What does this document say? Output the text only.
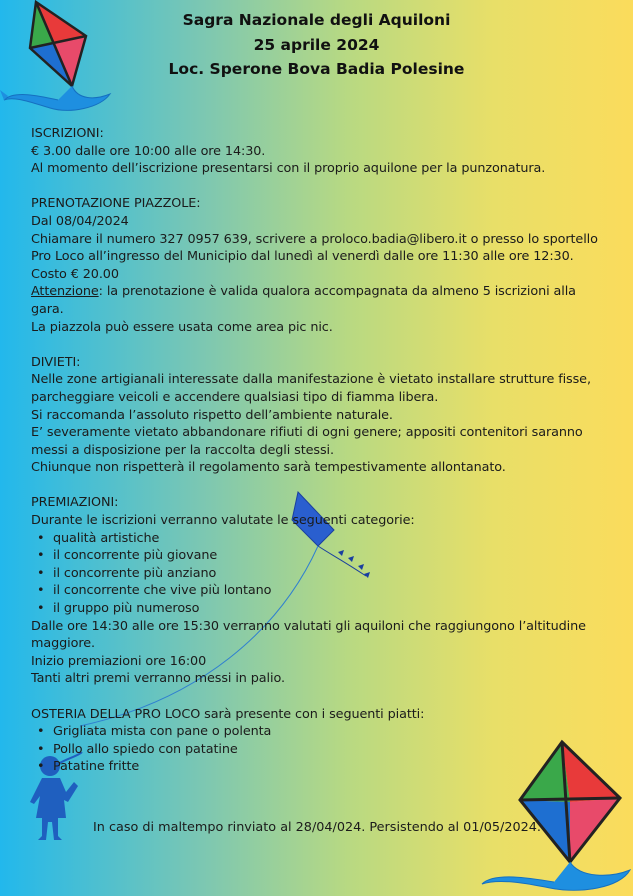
Sagra Nazionale degli Aquiloni
25 aprile 2024
Loc. Sperone Bova Badia Polesine

ISCRIZIONI:

€ 3.00 dalle ore 10:00 alle ore 14:30.

Al momento dell’iscrizione presentarsi con il proprio aquilone per la punzonatura.

PRENOTAZIONE PIAZZOLE:

Dal 08/04/2024

Chiamare il numero 327 0957 639, scrivere a proloco.badia@libero.it o presso lo sportello

Pro Loco all’ingresso del Municipio dal lunedì al venerdì dalle ore 11:30 alle ore 12:30.

Costo € 20.00

Attenzione: la prenotazione è valida qualora accompagnata da almeno 5 iscrizioni alla

gara.

La piazzola può essere usata come area pic nic.

DIVIETI:

Nelle zone artigianali interessate dalla manifestazione è vietato installare strutture fisse,

parcheggiare veicoli e accendere qualsiasi tipo di fiamma libera.

Si raccomanda l’assoluto rispetto dell’ambiente naturale.

E’ severamente vietato abbandonare rifiuti di ogni genere; appositi contenitori saranno

messi a disposizione per la raccolta degli stessi.

Chiunque non rispetterà il regolamento sarà tempestivamente allontanato.

PREMIAZIONI:

Durante le iscrizioni verranno valutate le seguenti categorie:

• qualità artistiche
• il concorrente più giovane
• il concorrente più anziano
• il concorrente che vive più lontano
• il gruppo più numeroso

Dalle ore 14:30 alle ore 15:30 verranno valutati gli aquiloni che raggiungono l’altitudine

maggiore.

Inizio premiazioni ore 16:00

Tanti altri premi verranno messi in palio.

OSTERIA DELLA PRO LOCO sarà presente con i seguenti piatti:

• Grigliata mista con pane o polenta
• Pollo allo spiedo con patatine
• Patatine fritte
In caso di maltempo rinviato al 28/04/024. Persistendo al 01/05/2024.
